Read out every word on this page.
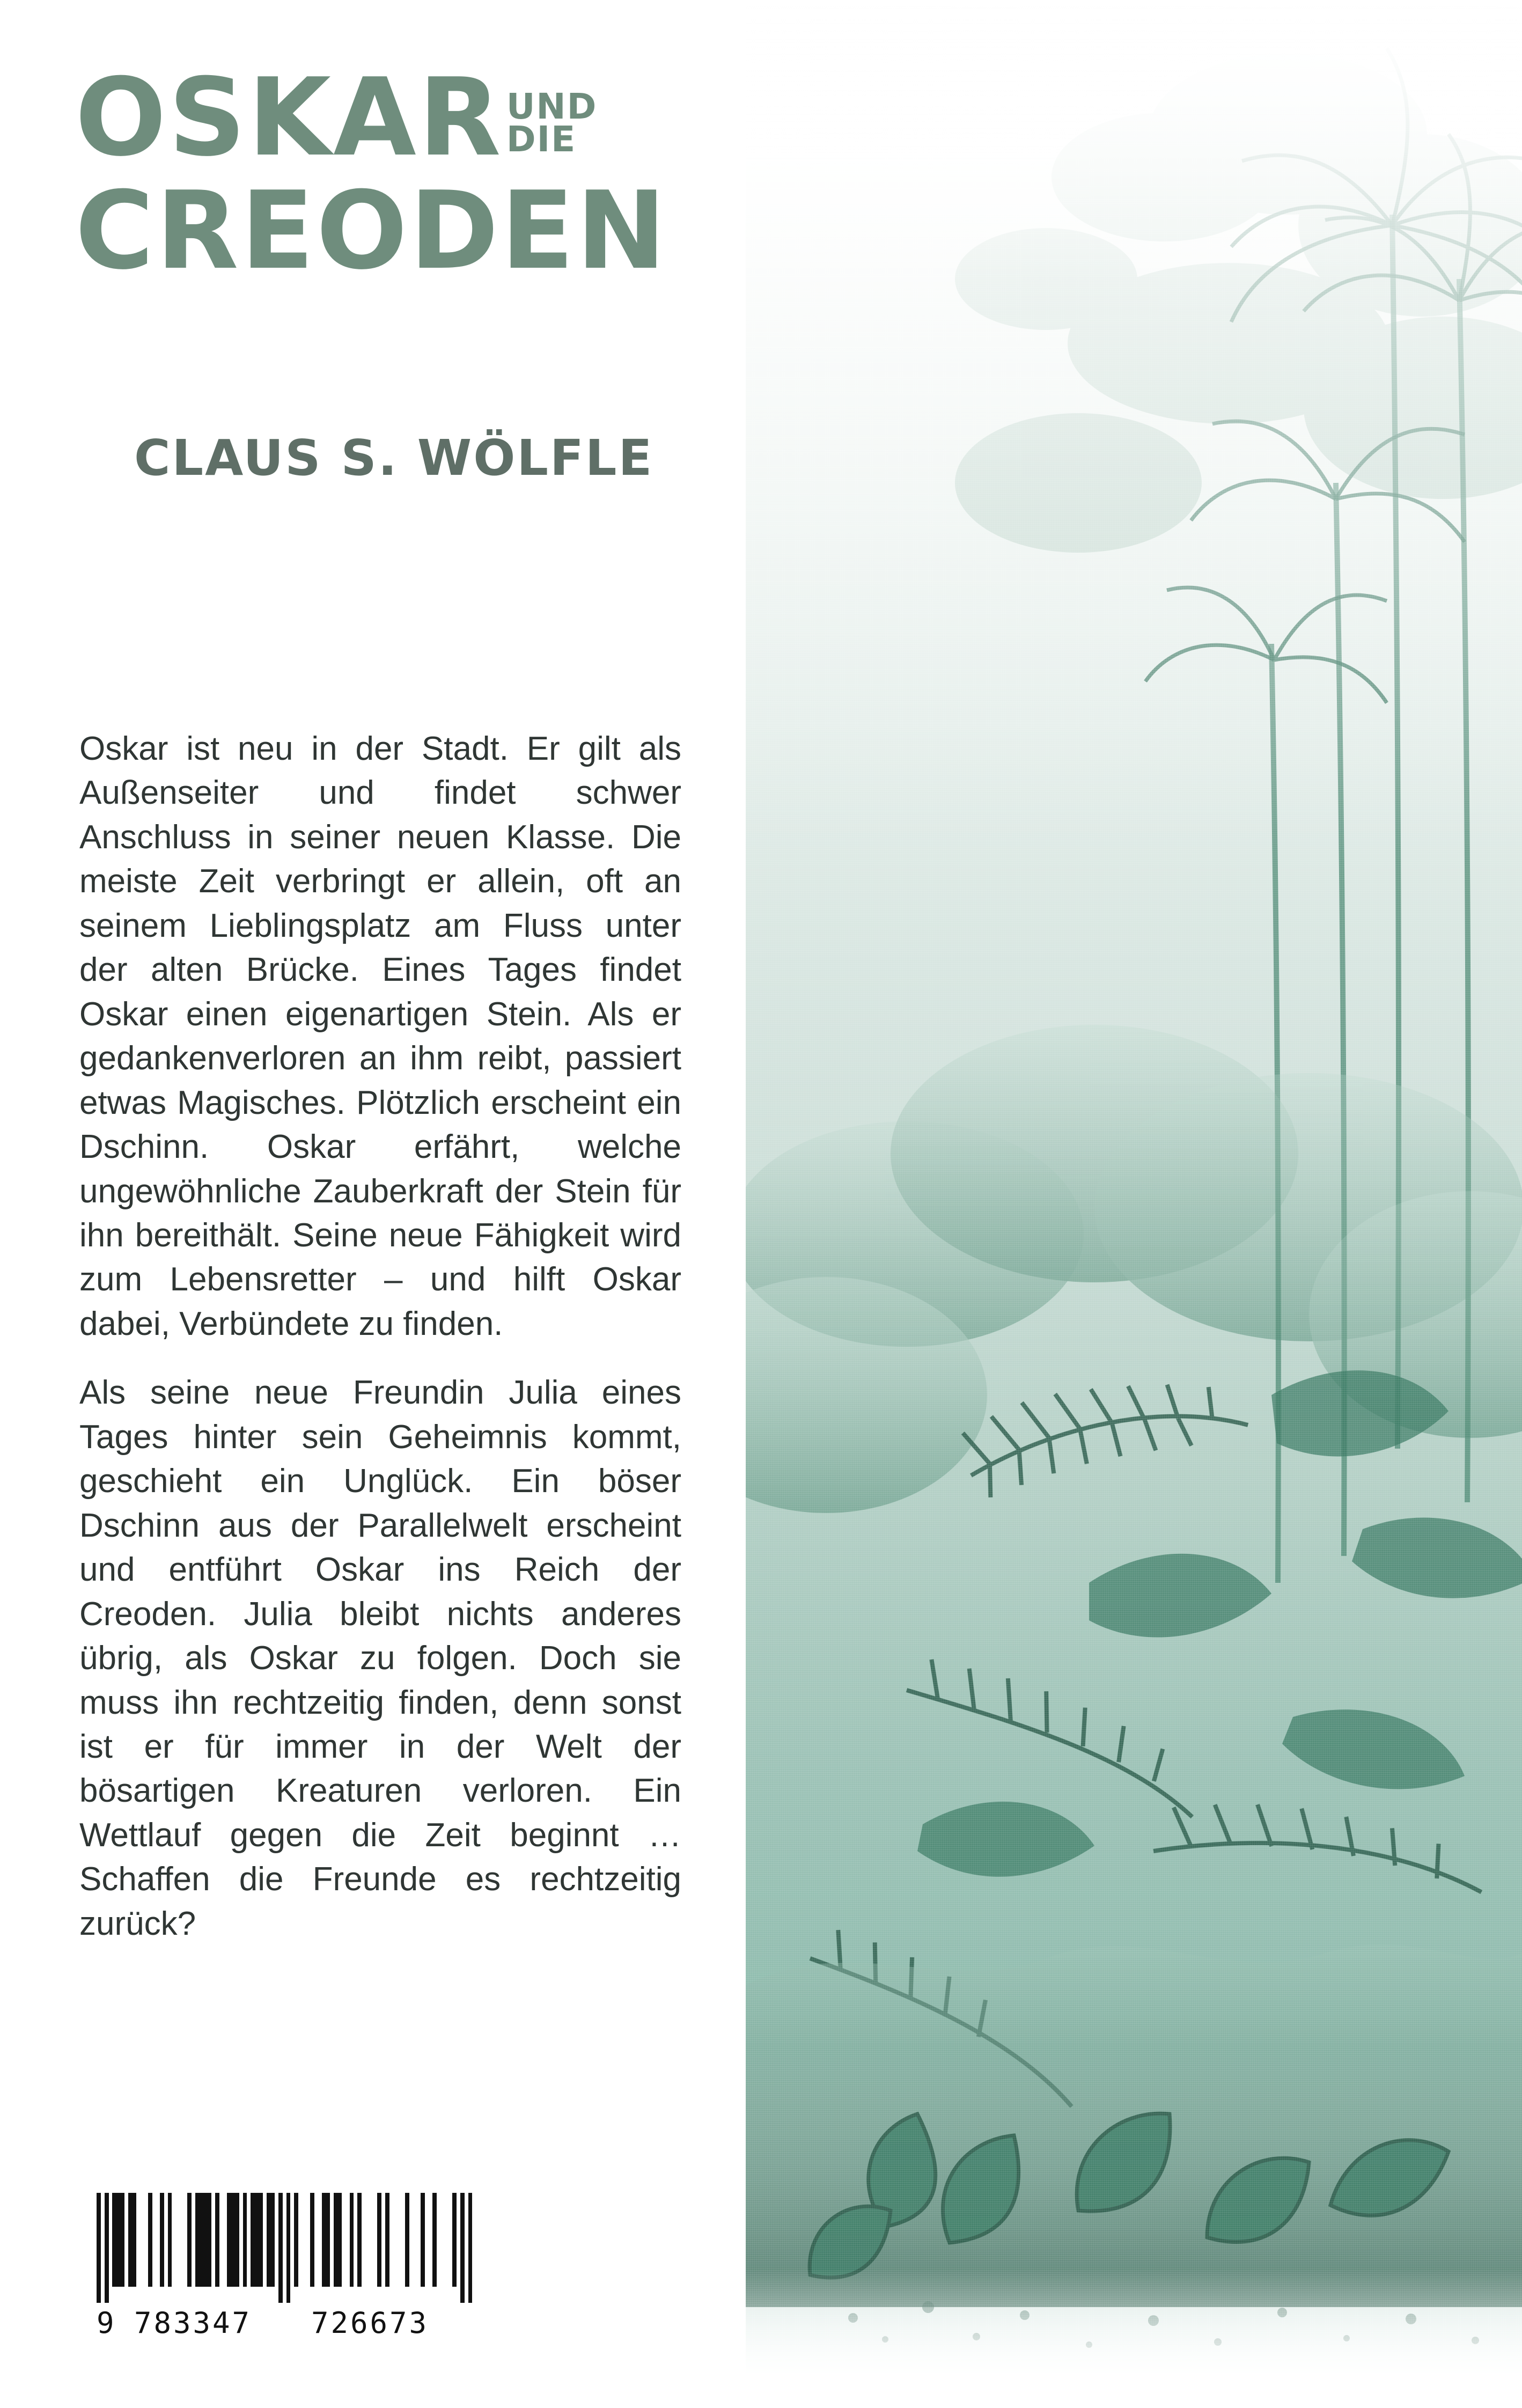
OSKAR UND
DIE
CREODEN
CLAUS S. WÖLFLE

Oskar ist neu in der Stadt. Er gilt als Außenseiter und findet schwer Anschluss in seiner neuen Klasse. Die meiste Zeit verbringt er allein, oft an seinem Lieblingsplatz am Fluss unter der alten Brücke. Eines Tages findet Oskar einen eigenartigen Stein. Als er gedankenverloren an ihm reibt, passiert etwas Magisches. Plötzlich erscheint ein Dschinn. Oskar erfährt, welche ungewöhnliche Zauberkraft der Stein für ihn bereithält. Seine neue Fähigkeit wird zum Lebensretter – und hilft Oskar dabei, Verbündete zu finden.

Als seine neue Freundin Julia eines Tages hinter sein Geheimnis kommt, geschieht ein Unglück. Ein böser Dschinn aus der Parallelwelt erscheint und entführt Oskar ins Reich der Creoden. Julia bleibt nichts anderes übrig, als Oskar zu folgen. Doch sie muss ihn rechtzeitig finden, denn sonst ist er für immer in der Welt der bösartigen Kreaturen verloren. Ein Wettlauf gegen die Zeit beginnt … Schaffen die Freunde es rechtzeitig zurück?

9 783347 726673
